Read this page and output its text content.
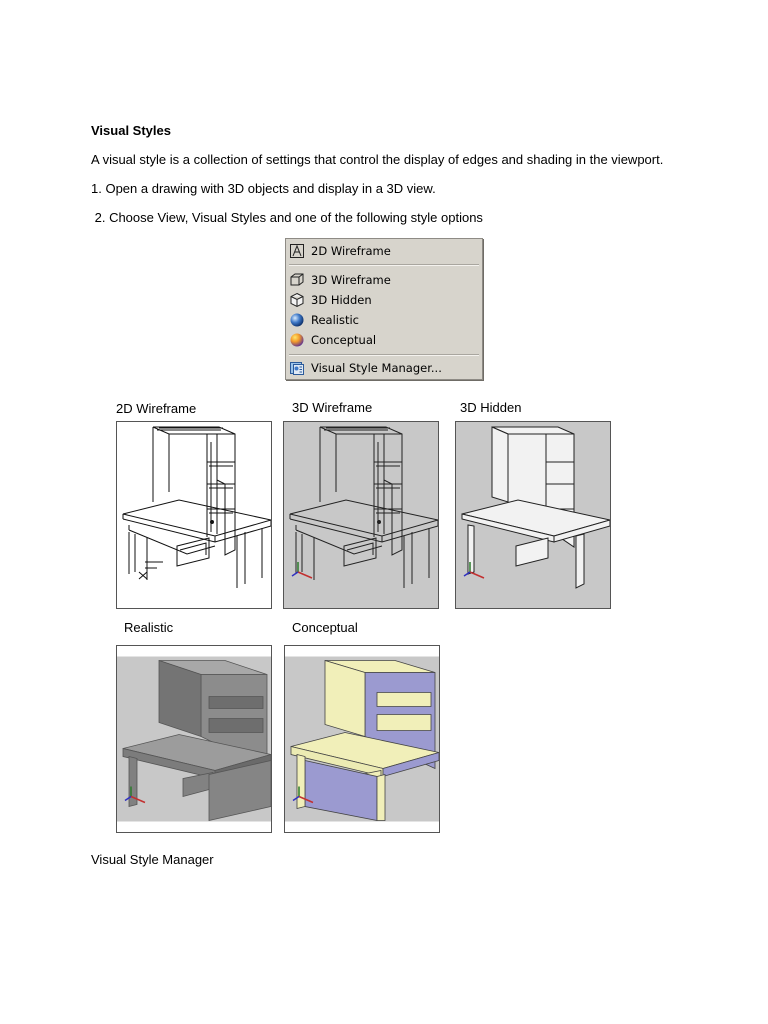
Visual Styles
A visual style is a collection of settings that control the display of edges and shading in the viewport.
1. Open a drawing with 3D objects and display in a 3D view.
2. Choose View, Visual Styles and one of the following style options
2D Wireframe
3D Wireframe
3D Hidden
Realistic
Conceptual
Visual Style Manager...
2D Wireframe	3D Wireframe	3D Hidden
Realistic	Conceptual
Visual Style Manager
